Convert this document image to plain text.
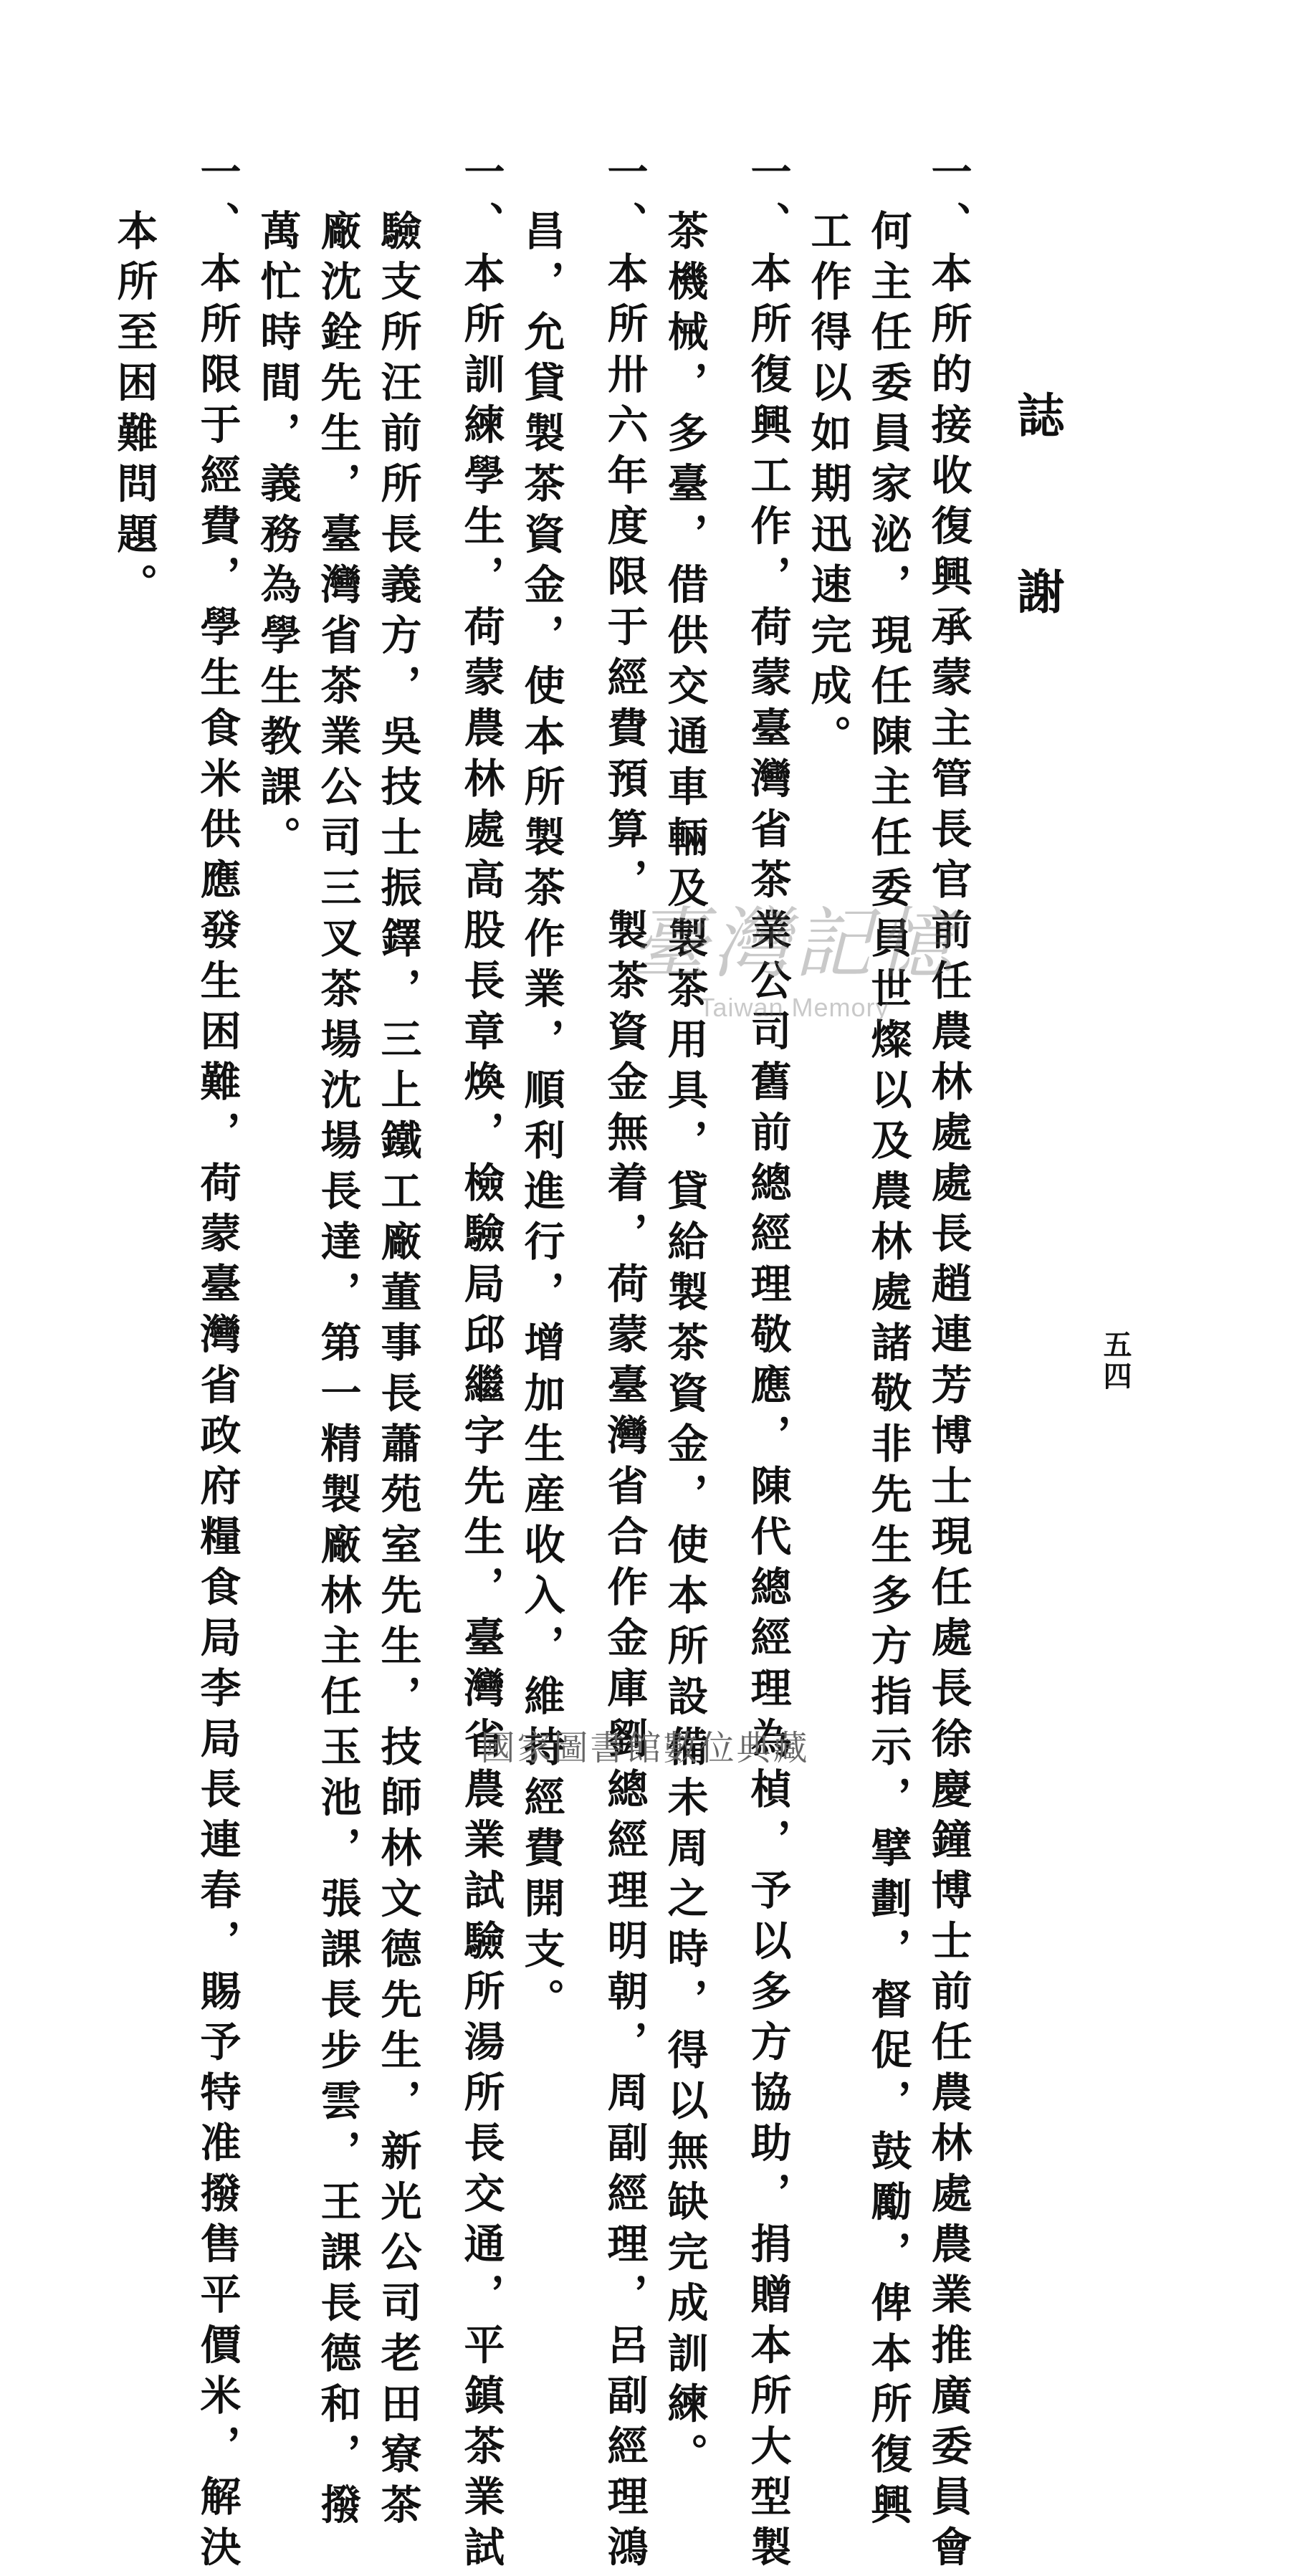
五四
誌謝
一、本所的接收復興承蒙主管長官前任農林處處長趙連芳博士現任處長徐慶鐘博士前任農林處農業推廣委員會
何主任委員家泌，現任陳主任委員世燦以及農林處諸敬非先生多方指示，擘劃，督促，鼓勵，俾本所復興
工作得以如期迅速完成。
一、本所復興工作，荷蒙臺灣省茶業公司舊前總經理敬應，陳代總經理為楨，予以多方協助，捐贈本所大型製
茶機械，多臺，借供交通車輛及製茶用具，貸給製茶資金，使本所設備未周之時，得以無缺完成訓練。
一、本所卅六年度限于經費預算，製茶資金無着，荷蒙臺灣省合作金庫劉總經理明朝，周副經理，呂副經理鴻
昌，允貸製茶資金，使本所製茶作業，順利進行，增加生産收入，維持經費開支。
一、本所訓練學生，荷蒙農林處高股長章煥，檢驗局邱繼字先生，臺灣省農業試驗所湯所長交通，平鎮茶業試
驗支所汪前所長義方，吳技士振鐸，三上鐵工廠董事長蕭苑室先生，技師林文德先生，新光公司老田寮茶
廠沈銓先生，臺灣省茶業公司三叉茶場沈場長達，第一精製廠林主任玉池，張課長步雲，王課長德和，撥
萬忙時間，義務為學生教課。
一、本所限于經費，學生食米供應發生困難，荷蒙臺灣省政府糧食局李局長連春，賜予特准撥售平價米，解決
本所至困難問題。
臺灣記憶
Taiwan Memory
國家圖書館數位典藏
